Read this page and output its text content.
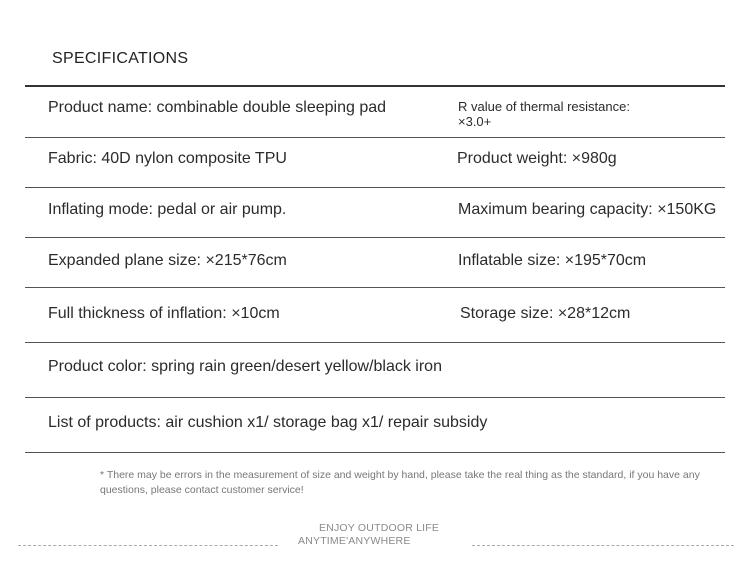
SPECIFICATIONS
Product name: combinable double sleeping pad	R value of thermal resistance: ×3.0+
Fabric: 40D nylon composite TPU	Product weight: ×980g
Inflating mode: pedal or air pump.	Maximum bearing capacity: ×150KG
Expanded plane size: ×215*76cm	Inflatable size: ×195*70cm
Full thickness of inflation: ×10cm	Storage size: ×28*12cm
Product color: spring rain green/desert yellow/black iron
List of products: air cushion x1/ storage bag x1/ repair subsidy
* There may be errors in the measurement of size and weight by hand, please take the real thing as the standard, if you have any questions, please contact customer service!
ENJOY OUTDOOR LIFE
ANYTIME'ANYWHERE
